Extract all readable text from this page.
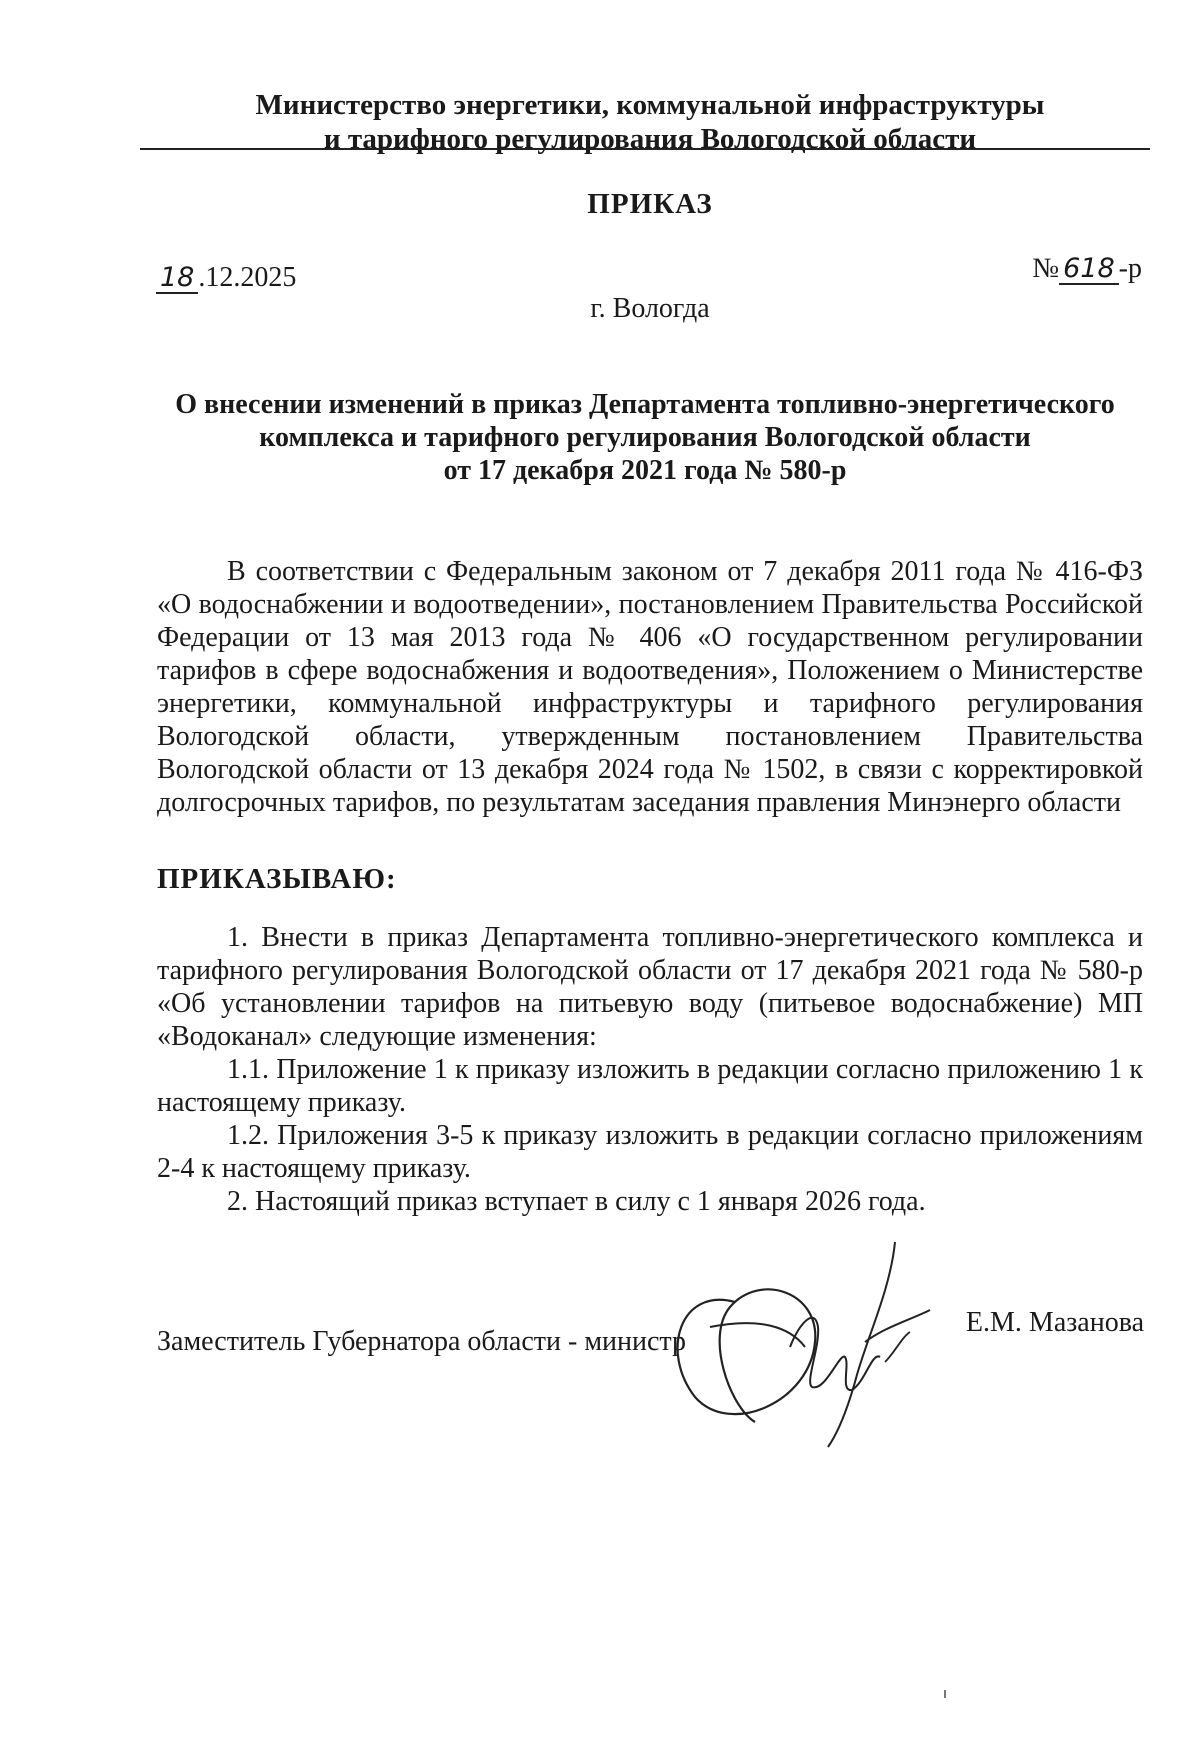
Министерство энергетики, коммунальной инфраструктуры
и тарифного регулирования Вологодской области
ПРИКАЗ
18 .12.2025	№ 618 -р
г. Вологда
О внесении изменений в приказ Департамента топливно-энергетического
комплекса и тарифного регулирования Вологодской области
от 17 декабря 2021 года № 580-р
В соответствии с Федеральным законом от 7 декабря 2011 года № 416-ФЗ «О водоснабжении и водоотведении», постановлением Правительства Российской Федерации от 13 мая 2013 года № 406 «О государственном регулировании тарифов в сфере водоснабжения и водоотведения», Положением о Министерстве энергетики, коммунальной инфраструктуры и тарифного регулирования Вологодской области, утвержденным постановлением Правительства Вологодской области от 13 декабря 2024 года № 1502, в связи с корректировкой долгосрочных тарифов, по результатам заседания правления Минэнерго области
ПРИКАЗЫВАЮ:

1. Внести в приказ Департамента топливно-энергетического комплекса и тарифного регулирования Вологодской области от 17 декабря 2021 года № 580-р «Об установлении тарифов на питьевую воду (питьевое водоснабжение) МП «Водоканал» следующие изменения:

1.1. Приложение 1 к приказу изложить в редакции согласно приложению 1 к настоящему приказу.

1.2. Приложения 3-5 к приказу изложить в редакции согласно приложениям 2-4 к настоящему приказу.

2. Настоящий приказ вступает в силу с 1 января 2026 года.

Заместитель Губернатора области - министр
Е.М. Мазанова
